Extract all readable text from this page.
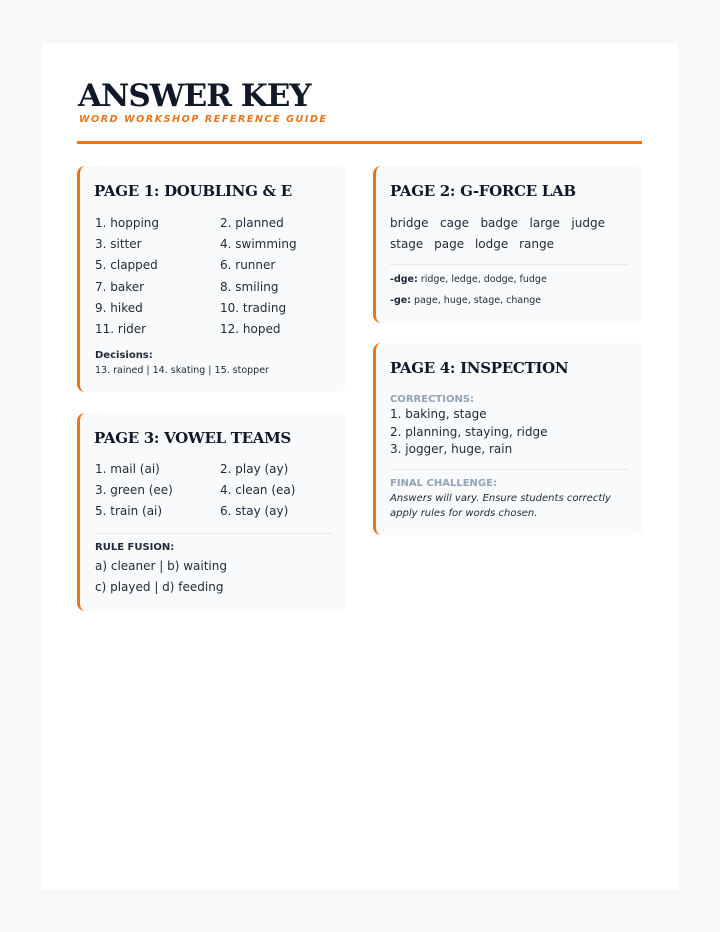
ANSWER KEY
WORD WORKSHOP REFERENCE GUIDE
PAGE 1: DOUBLING & E
1. hopping	2. planned
3. sitter	4. swimming
5. clapped	6. runner
7. baker	8. smiling
9. hiked	10. trading
11. rider	12. hoped
Decisions:
13. rained | 14. skating | 15. stopper
PAGE 3: VOWEL TEAMS
1. mail (ai)	2. play (ay)
3. green (ee)	4. clean (ea)
5. train (ai)	6. stay (ay)
RULE FUSION:
a) cleaner | b) waiting
c) played | d) feeding
PAGE 2: G-FORCE LAB
bridge cage badge large judge
stage page lodge range
-dge: ridge, ledge, dodge, fudge
-ge: page, huge, stage, change
PAGE 4: INSPECTION
CORRECTIONS:
1. baking, stage
2. planning, staying, ridge
3. jogger, huge, rain
FINAL CHALLENGE:
Answers will vary. Ensure students correctly apply rules for words chosen.
